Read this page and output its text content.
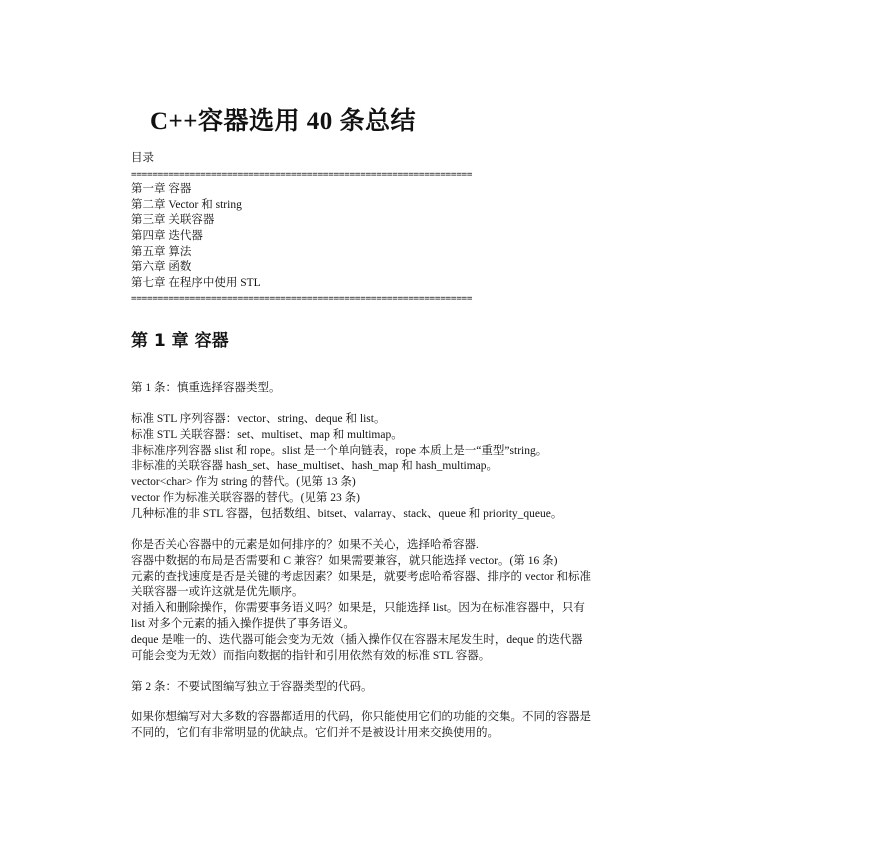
C++容器选用 40 条总结
目录
================================================================
第一章 容器
第二章 Vector 和 string
第三章 关联容器
第四章 迭代器
第五章 算法
第六章 函数
第七章 在程序中使用 STL
================================================================
第 1 章 容器

第 1 条：慎重选择容器类型。

标准 STL 序列容器：vector、string、deque 和 list。

标准 STL 关联容器：set、multiset、map 和 multimap。

非标准序列容器 slist 和 rope。slist 是一个单向链表，rope 本质上是一“重型”string。

非标准的关联容器 hash_set、hase_multiset、hash_map 和 hash_multimap。

vector<char> 作为 string 的替代。(见第 13 条)

vector 作为标准关联容器的替代。(见第 23 条)

几种标准的非 STL 容器，包括数组、bitset、valarray、stack、queue 和 priority_queue。

你是否关心容器中的元素是如何排序的？如果不关心，选择哈希容器.

容器中数据的布局是否需要和 C 兼容？如果需要兼容，就只能选择 vector。(第 16 条)

元素的查找速度是否是关键的考虑因素？如果是，就要考虑哈希容器、排序的 vector 和标准

关联容器一或许这就是优先顺序。

对插入和删除操作，你需要事务语义吗？如果是，只能选择 list。因为在标准容器中，只有

list 对多个元素的插入操作提供了事务语义。

deque 是唯一的、迭代器可能会变为无效（插入操作仅在容器末尾发生时，deque 的迭代器

可能会变为无效）而指向数据的指针和引用依然有效的标准 STL 容器。

第 2 条：不要试图编写独立于容器类型的代码。

如果你想编写对大多数的容器都适用的代码，你只能使用它们的功能的交集。不同的容器是

不同的，它们有非常明显的优缺点。它们并不是被设计用来交换使用的。
